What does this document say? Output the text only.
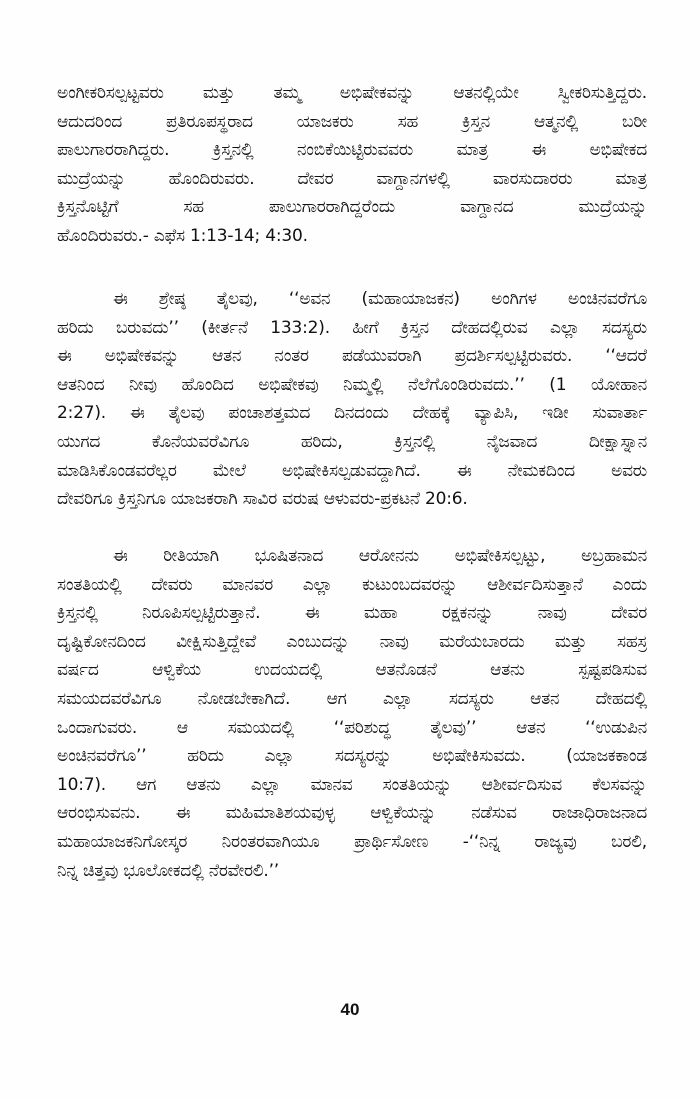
ಅಂಗೀಕರಿಸಲ್ಪಟ್ಟವರು ಮತ್ತು ತಮ್ಮ ಅಭಿಷೇಕವನ್ನು ಆತನಲ್ಲಿಯೇ ಸ್ವೀಕರಿಸುತ್ತಿದ್ದರು.
ಆದುದರಿಂದ ಪ್ರತಿರೂಪಸ್ಥರಾದ ಯಾಜಕರು ಸಹ ಕ್ರಿಸ್ತನ ಆತ್ಮನಲ್ಲಿ ಬರೀ
ಪಾಲುಗಾರರಾಗಿದ್ದರು. ಕ್ರಿಸ್ತನಲ್ಲಿ ನಂಬಿಕೆಯಿಟ್ಟಿರುವವರು ಮಾತ್ರ ಈ ಅಭಿಷೇಕದ
ಮುದ್ರೆಯನ್ನು ಹೊಂದಿರುವರು. ದೇವರ ವಾಗ್ದಾನಗಳಲ್ಲಿ ವಾರಸುದಾರರು ಮಾತ್ರ
ಕ್ರಿಸ್ತನೊಟ್ಟಿಗೆ ಸಹ ಪಾಲುಗಾರರಾಗಿದ್ದರೆಂದು ವಾಗ್ದಾನದ ಮುದ್ರೆಯನ್ನು
ಹೊಂದಿರುವರು.- ಎಫೆಸ 1:13-14; 4:30.
ಈ ಶ್ರೇಷ್ಠ ತೈಲವು, ‘‘ಅವನ (ಮಹಾಯಾಜಕನ) ಅಂಗಿಗಳ ಅಂಚಿನವರೆಗೂ
ಹರಿದು ಬರುವದು’’ (ಕೀರ್ತನೆ 133:2). ಹೀಗೆ ಕ್ರಿಸ್ತನ ದೇಹದಲ್ಲಿರುವ ಎಲ್ಲಾ ಸದಸ್ಯರು
ಈ ಅಭಿಷೇಕವನ್ನು ಆತನ ನಂತರ ಪಡೆಯುವರಾಗಿ ಪ್ರದರ್ಶಿಸಲ್ಪಟ್ಟಿರುವರು. ‘‘ಆದರೆ
ಆತನಿಂದ ನೀವು ಹೊಂದಿದ ಅಭಿಷೇಕವು ನಿಮ್ಮಲ್ಲಿ ನೆಲೆಗೊಂಡಿರುವದು.’’ (1 ಯೋಹಾನ
2:27). ಈ ತೈಲವು ಪಂಚಾಶತ್ತಮದ ದಿನದಂದು ದೇಹಕ್ಕೆ ವ್ಯಾಪಿಸಿ, ಇಡೀ ಸುವಾರ್ತಾ
ಯುಗದ ಕೊನೆಯವರೆವಿಗೂ ಹರಿದು, ಕ್ರಿಸ್ತನಲ್ಲಿ ನೈಜವಾದ ದೀಕ್ಷಾಸ್ನಾನ
ಮಾಡಿಸಿಕೊಂಡವರೆಲ್ಲರ ಮೇಲೆ ಅಭಿಷೇಕಿಸಲ್ಪಡುವದ್ದಾಗಿದೆ. ಈ ನೇಮಕದಿಂದ ಅವರು
ದೇವರಿಗೂ ಕ್ರಿಸ್ತನಿಗೂ ಯಾಜಕರಾಗಿ ಸಾವಿರ ವರುಷ ಆಳುವರು-ಪ್ರಕಟನೆ 20:6.
ಈ ರೀತಿಯಾಗಿ ಭೂಷಿತನಾದ ಆರೋನನು ಅಭಿಷೇಕಿಸಲ್ಪಟ್ಟು, ಅಬ್ರಹಾಮನ
ಸಂತತಿಯಲ್ಲಿ ದೇವರು ಮಾನವರ ಎಲ್ಲಾ ಕುಟುಂಬದವರನ್ನು ಆಶೀರ್ವದಿಸುತ್ತಾನೆ ಎಂದು
ಕ್ರಿಸ್ತನಲ್ಲಿ ನಿರೂಪಿಸಲ್ಪಟ್ಟಿರುತ್ತಾನೆ. ಈ ಮಹಾ ರಕ್ಷಕನನ್ನು ನಾವು ದೇವರ
ದೃಷ್ಟಿಕೋನದಿಂದ ವೀಕ್ಷಿಸುತ್ತಿದ್ದೇವೆ ಎಂಬುದನ್ನು ನಾವು ಮರೆಯಬಾರದು ಮತ್ತು ಸಹಸ್ರ
ವರ್ಷದ ಆಳ್ವಿಕೆಯ ಉದಯದಲ್ಲಿ ಆತನೊಡನೆ ಆತನು ಸ್ಪಷ್ಟಪಡಿಸುವ
ಸಮಯದವರೆವಿಗೂ ನೋಡಬೇಕಾಗಿದೆ. ಆಗ ಎಲ್ಲಾ ಸದಸ್ಯರು ಆತನ ದೇಹದಲ್ಲಿ
ಒಂದಾಗುವರು. ಆ ಸಮಯದಲ್ಲಿ ‘‘ಪರಿಶುದ್ಧ ತೈಲವು’’ ಆತನ ‘‘ಉಡುಪಿನ
ಅಂಚಿನವರೆಗೂ’’ ಹರಿದು ಎಲ್ಲಾ ಸದಸ್ಯರನ್ನು ಅಭಿಷೇಕಿಸುವದು. (ಯಾಜಕಕಾಂಡ
10:7). ಆಗ ಆತನು ಎಲ್ಲಾ ಮಾನವ ಸಂತತಿಯನ್ನು ಆಶೀರ್ವದಿಸುವ ಕೆಲಸವನ್ನು
ಆರಂಭಿಸುವನು. ಈ ಮಹಿಮಾತಿಶಯವುಳ್ಳ ಆಳ್ವಿಕೆಯನ್ನು ನಡೆಸುವ ರಾಜಾಧಿರಾಜನಾದ
ಮಹಾಯಾಜಕನಿಗೋಸ್ಕರ ನಿರಂತರವಾಗಿಯೂ ಪ್ರಾರ್ಥಿಸೋಣ -‘‘ನಿನ್ನ ರಾಜ್ಯವು ಬರಲಿ,
ನಿನ್ನ ಚಿತ್ತವು ಭೂಲೋಕದಲ್ಲಿ ನೆರವೇರಲಿ.’’
40
